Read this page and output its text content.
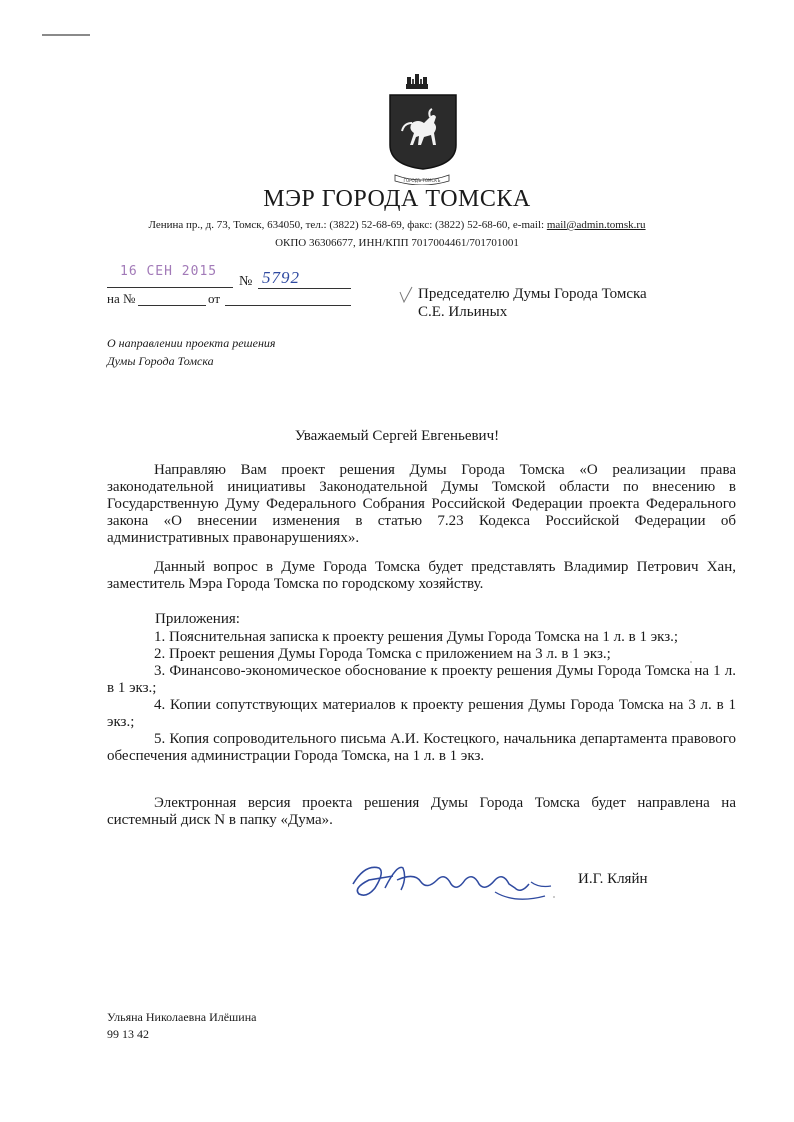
ГОРОДЪ ТОМСКЪ
МЭР ГОРОДА ТОМСКА
Ленина пр., д. 73, Томск, 634050, тел.: (3822) 52-68-69, факс: (3822) 52-68-60, e-mail: mail@admin.tomsk.ru
ОКПО 36306677, ИНН/КПП 7017004461/701701001
16 СЕН 2015
№ 5792
на №	от	Председателю Думы Города Томска
С.Е. Ильиных
О направлении проекта решения
Думы Города Томска
Уважаемый Сергей Евгеньевич!

Направляю Вам проект решения Думы Города Томска «О реализации права законодательной инициативы Законодательной Думы Томской области по внесению в Государственную Думу Федерального Собрания Российской Федерации проекта Федерального закона «О внесении изменения в статью 7.23 Кодекса Российской Федерации об административных правонарушениях».

Данный вопрос в Думе Города Томска будет представлять Владимир Петрович Хан, заместитель Мэра Города Томска по городскому хозяйству.

Приложения:

1. Пояснительная записка к проекту решения Думы Города Томска на 1 л. в 1 экз.;

2. Проект решения Думы Города Томска с приложением на 3 л. в 1 экз.;

3. Финансово-экономическое обоснование к проекту решения Думы Города Томска на 1 л. в 1 экз.;

4. Копии сопутствующих материалов к проекту решения Думы Города Томска на 3 л. в 1 экз.;

5. Копия сопроводительного письма А.И. Костецкого, начальника департамента правового обеспечения администрации Города Томска, на 1 л. в 1 экз.

Электронная версия проекта решения Думы Города Томска будет направлена на системный диск N в папку «Дума».

И.Г. Кляйн
Ульяна Николаевна Илёшина
99 13 42
